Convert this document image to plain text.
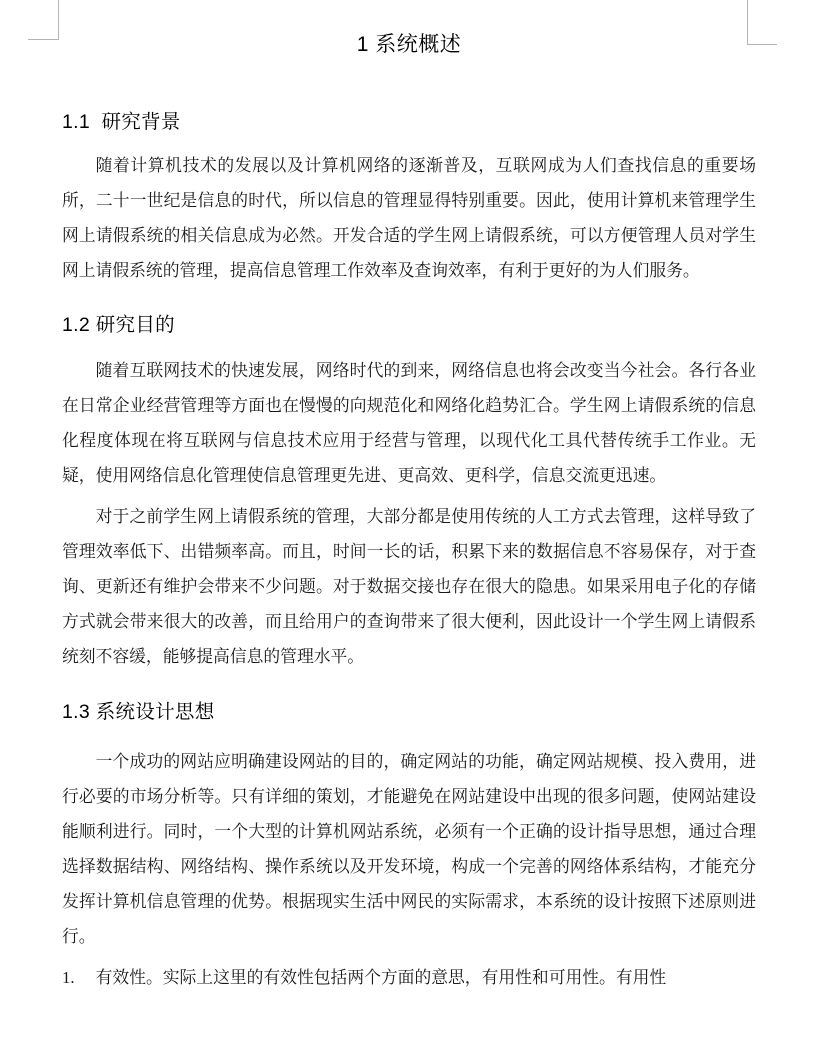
1 系统概述
1.1  研究背景

随着计算机技术的发展以及计算机网络的逐渐普及，互联网成为人们查找信息的重要场所，二十一世纪是信息的时代，所以信息的管理显得特别重要。因此，使用计算机来管理学生网上请假系统的相关信息成为必然。开发合适的学生网上请假系统，可以方便管理人员对学生网上请假系统的管理，提高信息管理工作效率及查询效率，有利于更好的为人们服务。

1.2 研究目的

随着互联网技术的快速发展，网络时代的到来，网络信息也将会改变当今社会。各行各业在日常企业经营管理等方面也在慢慢的向规范化和网络化趋势汇合。学生网上请假系统的信息化程度体现在将互联网与信息技术应用于经营与管理，以现代化工具代替传统手工作业。无疑，使用网络信息化管理使信息管理更先进、更高效、更科学，信息交流更迅速。

对于之前学生网上请假系统的管理，大部分都是使用传统的人工方式去管理，这样导致了管理效率低下、出错频率高。而且，时间一长的话，积累下来的数据信息不容易保存，对于查询、更新还有维护会带来不少问题。对于数据交接也存在很大的隐患。如果采用电子化的存储方式就会带来很大的改善，而且给用户的查询带来了很大便利，因此设计一个学生网上请假系统刻不容缓，能够提高信息的管理水平。

1.3 系统设计思想

一个成功的网站应明确建设网站的目的，确定网站的功能，确定网站规模、投入费用，进行必要的市场分析等。只有详细的策划，才能避免在网站建设中出现的很多问题，使网站建设能顺利进行。同时，一个大型的计算机网站系统，必须有一个正确的设计指导思想，通过合理选择数据结构、网络结构、操作系统以及开发环境，构成一个完善的网络体系结构，才能充分发挥计算机信息管理的优势。根据现实生活中网民的实际需求，本系统的设计按照下述原则进行。

1. 有效性。实际上这里的有效性包括两个方面的意思，有用性和可用性。有用性
